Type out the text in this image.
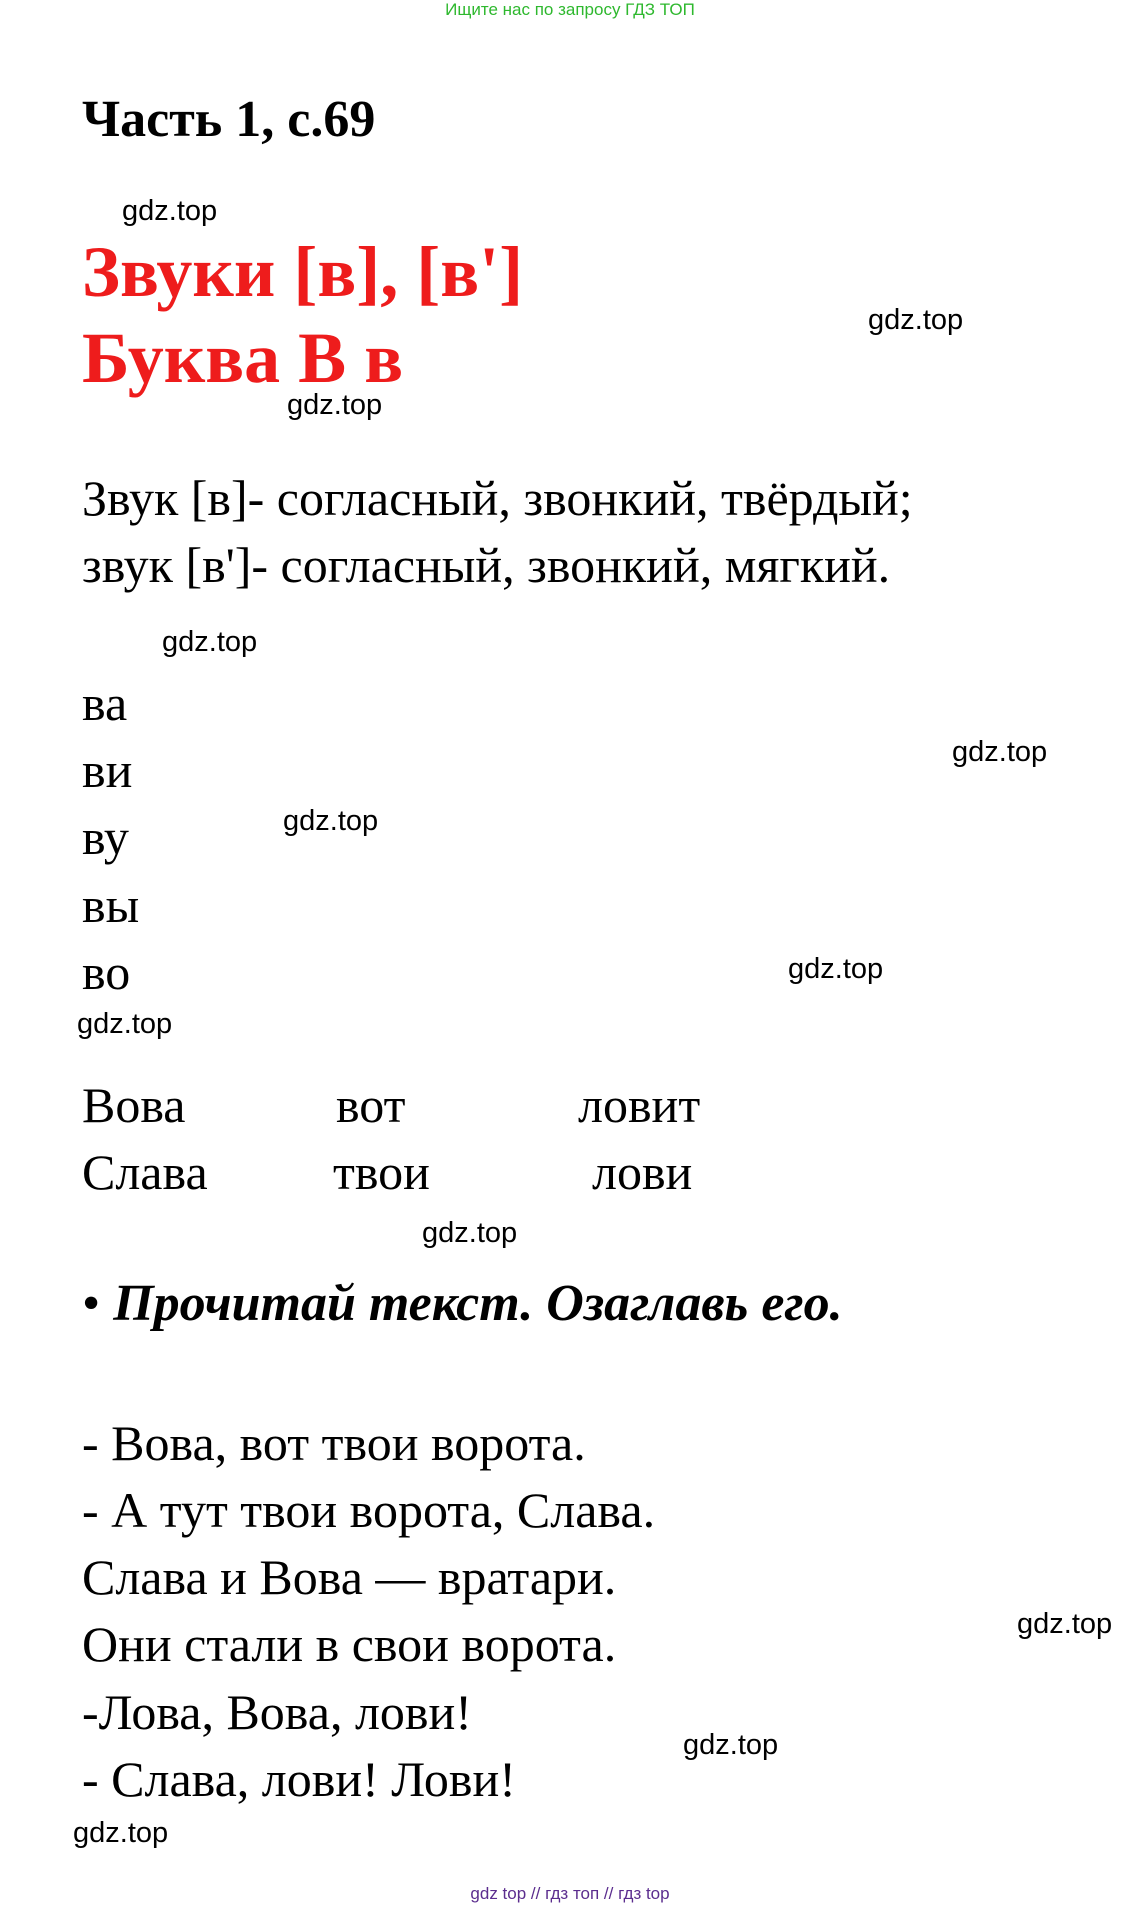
Ищите нас по запросу ГДЗ ТОП
Часть 1, с.69
Звуки [в], [в']
Буква В в
Звук [в]- согласный, звонкий, твёрдый;
звук [в']- согласный, звонкий, мягкий.
ва
ви
ву
вы
во
Вова
Слава
вот
твои
ловит
лови
• Прочитай текст. Озаглавь его.
- Вова, вот твои ворота.
- А тут твои ворота, Слава.
Слава и Вова — вратари.
Они стали в свои ворота.
-Лова, Вова, лови!
- Слава, лови! Лови!
gdz.top
gdz.top
gdz.top
gdz.top
gdz.top
gdz.top
gdz.top
gdz.top
gdz.top
gdz.top
gdz.top
gdz.top
gdz top // гдз топ // гдз top
